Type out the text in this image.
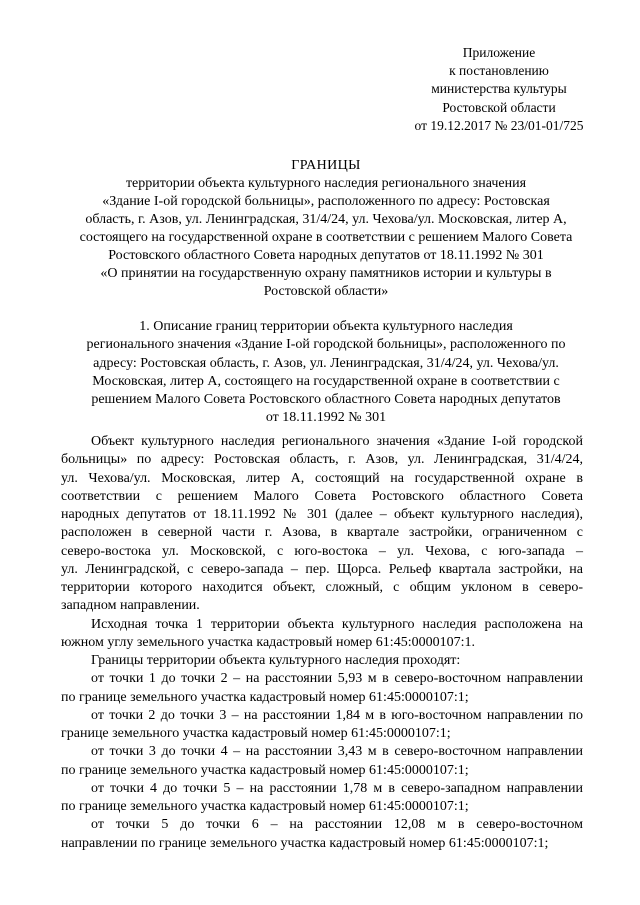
Приложение
к постановлению
министерства культуры
Ростовской области
от 19.12.2017 № 23/01-01/725
ГРАНИЦЫ
территории объекта культурного наследия регионального значения
«Здание I-ой городской больницы», расположенного по адресу: Ростовская
область, г. Азов, ул. Ленинградская, 31/4/24, ул. Чехова/ул. Московская, литер А,
состоящего на государственной охране в соответствии с решением Малого Совета
Ростовского областного Совета народных депутатов от 18.11.1992 № 301
«О принятии на государственную охрану памятников истории и культуры в
Ростовской области»
1. Описание границ территории объекта культурного наследия
регионального значения «Здание I-ой городской больницы», расположенного по
адресу: Ростовская область, г. Азов, ул. Ленинградская, 31/4/24, ул. Чехова/ул.
Московская, литер А, состоящего на государственной охране в соответствии с
решением Малого Совета Ростовского областного Совета народных депутатов
от 18.11.1992 № 301
Объект культурного наследия регионального значения «Здание I-ой городской
больницы» по адресу: Ростовская область, г. Азов, ул. Ленинградская, 31/4/24,
ул. Чехова/ул. Московская, литер А, состоящий на государственной охране в
соответствии с решением Малого Совета Ростовского областного Совета
народных депутатов от 18.11.1992 № 301 (далее – объект культурного наследия),
расположен в северной части г. Азова, в квартале застройки, ограниченном с
северо-востока ул. Московской, с юго-востока – ул. Чехова, с юго-запада –
ул. Ленинградской, с северо-запада – пер. Щорса. Рельеф квартала застройки, на
территории которого находится объект, сложный, с общим уклоном в северо-
западном направлении.
Исходная точка 1 территории объекта культурного наследия расположена на
южном углу земельного участка кадастровый номер 61:45:0000107:1.
Границы территории объекта культурного наследия проходят:
от точки 1 до точки 2 – на расстоянии 5,93 м в северо-восточном направлении
по границе земельного участка кадастровый номер 61:45:0000107:1;
от точки 2 до точки 3 – на расстоянии 1,84 м в юго-восточном направлении по
границе земельного участка кадастровый номер 61:45:0000107:1;
от точки 3 до точки 4 – на расстоянии 3,43 м в северо-восточном направлении
по границе земельного участка кадастровый номер 61:45:0000107:1;
от точки 4 до точки 5 – на расстоянии 1,78 м в северо-западном направлении
по границе земельного участка кадастровый номер 61:45:0000107:1;
от точки 5 до точки 6 – на расстоянии 12,08 м в северо-восточном
направлении по границе земельного участка кадастровый номер 61:45:0000107:1;
